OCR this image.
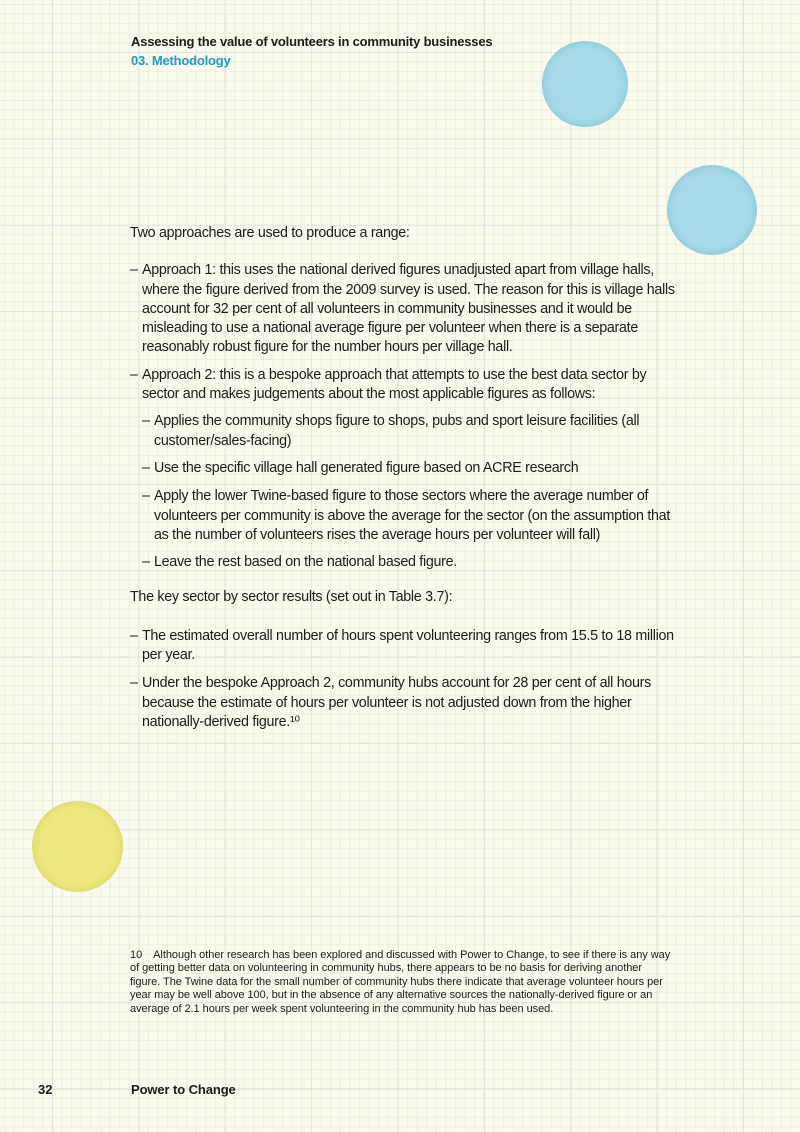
Assessing the value of volunteers in community businesses
03. Methodology

Two approaches are used to produce a range:

– Approach 1: this uses the national derived figures unadjusted apart from village halls, where the figure derived from the 2009 survey is used. The reason for this is village halls account for 32 per cent of all volunteers in community businesses and it would be misleading to use a national average figure per volunteer when there is a separate reasonably robust figure for the number hours per village hall.
– Approach 2: this is a bespoke approach that attempts to use the best data sector by sector and makes judgements about the most applicable figures as follows:
– Applies the community shops figure to shops, pubs and sport leisure facilities (all customer/sales-facing)
– Use the specific village hall generated figure based on ACRE research
– Apply the lower Twine-based figure to those sectors where the average number of volunteers per community is above the average for the sector (on the assumption that as the number of volunteers rises the average hours per volunteer will fall)
– Leave the rest based on the national based figure.

The key sector by sector results (set out in Table 3.7):

– The estimated overall number of hours spent volunteering ranges from 15.5 to 18 million per year.
– Under the bespoke Approach 2, community hubs account for 28 per cent of all hours because the estimate of hours per volunteer is not adjusted down from the higher nationally-derived figure.¹⁰
10 Although other research has been explored and discussed with Power to Change, to see if there is any way of getting better data on volunteering in community hubs, there appears to be no basis for deriving another figure. The Twine data for the small number of community hubs there indicate that average volunteer hours per year may be well above 100, but in the absence of any alternative sources the nationally-derived figure or an average of 2.1 hours per week spent volunteering in the community hub has been used.
32	Power to Change
